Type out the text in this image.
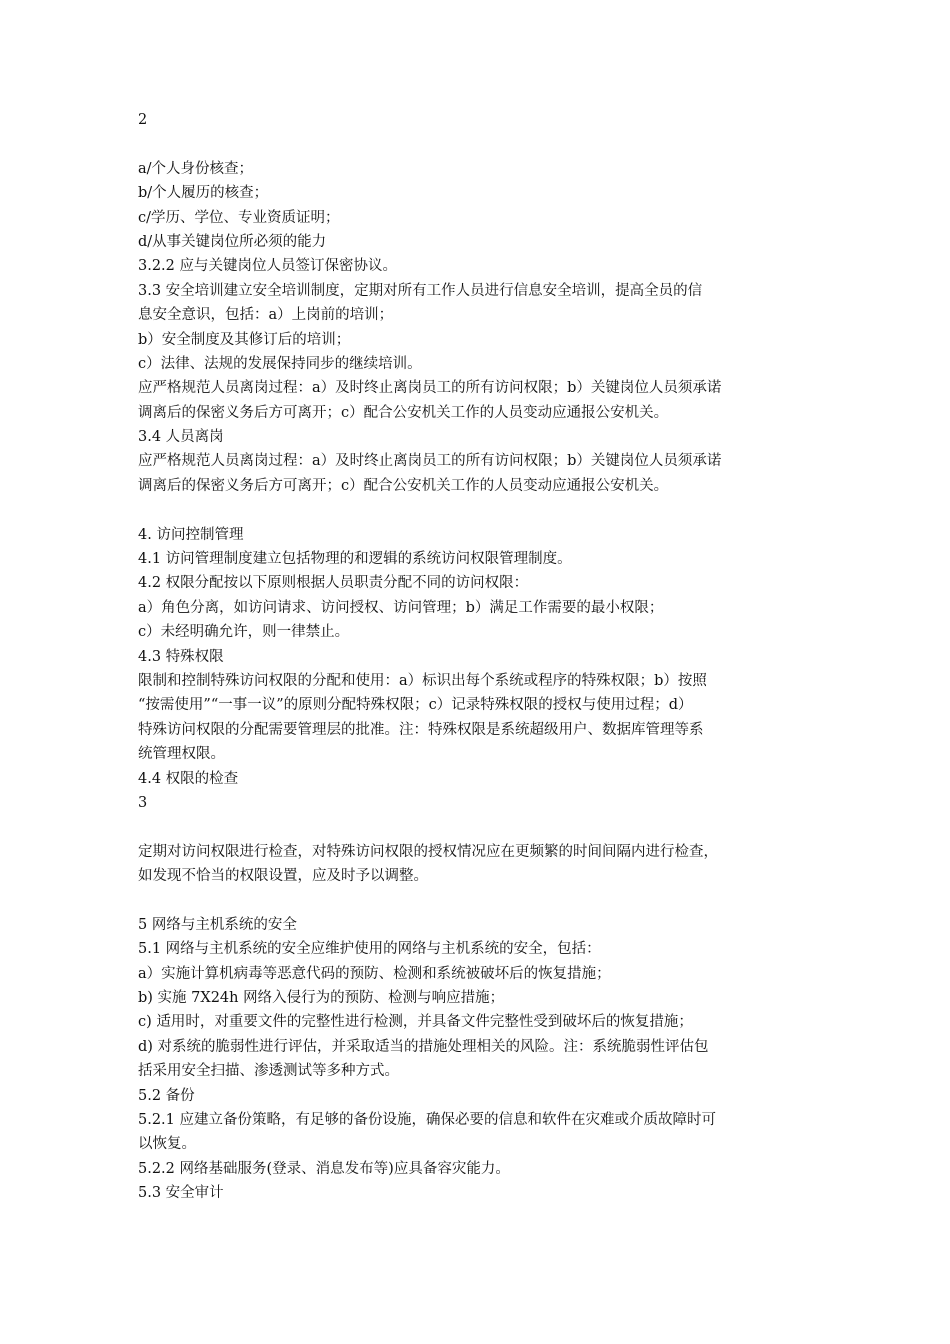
2
a/个人身份核查；
b/个人履历的核查；
c/学历、学位、专业资质证明；
d/从事关键岗位所必须的能力
3.2.2 应与关键岗位人员签订保密协议。
3.3 安全培训建立安全培训制度，定期对所有工作人员进行信息安全培训，提高全员的信
息安全意识，包括：a）上岗前的培训；
b）安全制度及其修订后的培训；
c）法律、法规的发展保持同步的继续培训。
应严格规范人员离岗过程：a）及时终止离岗员工的所有访问权限；b）关键岗位人员须承诺
调离后的保密义务后方可离开；c）配合公安机关工作的人员变动应通报公安机关。
3.4 人员离岗
应严格规范人员离岗过程：a）及时终止离岗员工的所有访问权限；b）关键岗位人员须承诺
调离后的保密义务后方可离开；c）配合公安机关工作的人员变动应通报公安机关。
4. 访问控制管理
4.1 访问管理制度建立包括物理的和逻辑的系统访问权限管理制度。
4.2 权限分配按以下原则根据人员职责分配不同的访问权限：
a）角色分离，如访问请求、访问授权、访问管理；b）满足工作需要的最小权限；
c）未经明确允许，则一律禁止。
4.3 特殊权限
限制和控制特殊访问权限的分配和使用：a）标识出每个系统或程序的特殊权限；b）按照
“按需使用”“一事一议”的原则分配特殊权限；c）记录特殊权限的授权与使用过程；d）
特殊访问权限的分配需要管理层的批准。注：特殊权限是系统超级用户、数据库管理等系
统管理权限。
4.4 权限的检查
3
定期对访问权限进行检查，对特殊访问权限的授权情况应在更频繁的时间间隔内进行检查，
如发现不恰当的权限设置，应及时予以调整。
5 网络与主机系统的安全
5.1 网络与主机系统的安全应维护使用的网络与主机系统的安全，包括：
a）实施计算机病毒等恶意代码的预防、检测和系统被破坏后的恢复措施；
b) 实施 7X24h 网络入侵行为的预防、检测与响应措施；
c) 适用时，对重要文件的完整性进行检测，并具备文件完整性受到破坏后的恢复措施；
d) 对系统的脆弱性进行评估，并采取适当的措施处理相关的风险。注：系统脆弱性评估包
括采用安全扫描、渗透测试等多种方式。
5.2 备份
5.2.1 应建立备份策略，有足够的备份设施，确保必要的信息和软件在灾难或介质故障时可
以恢复。
5.2.2 网络基础服务(登录、消息发布等)应具备容灾能力。
5.3 安全审计
